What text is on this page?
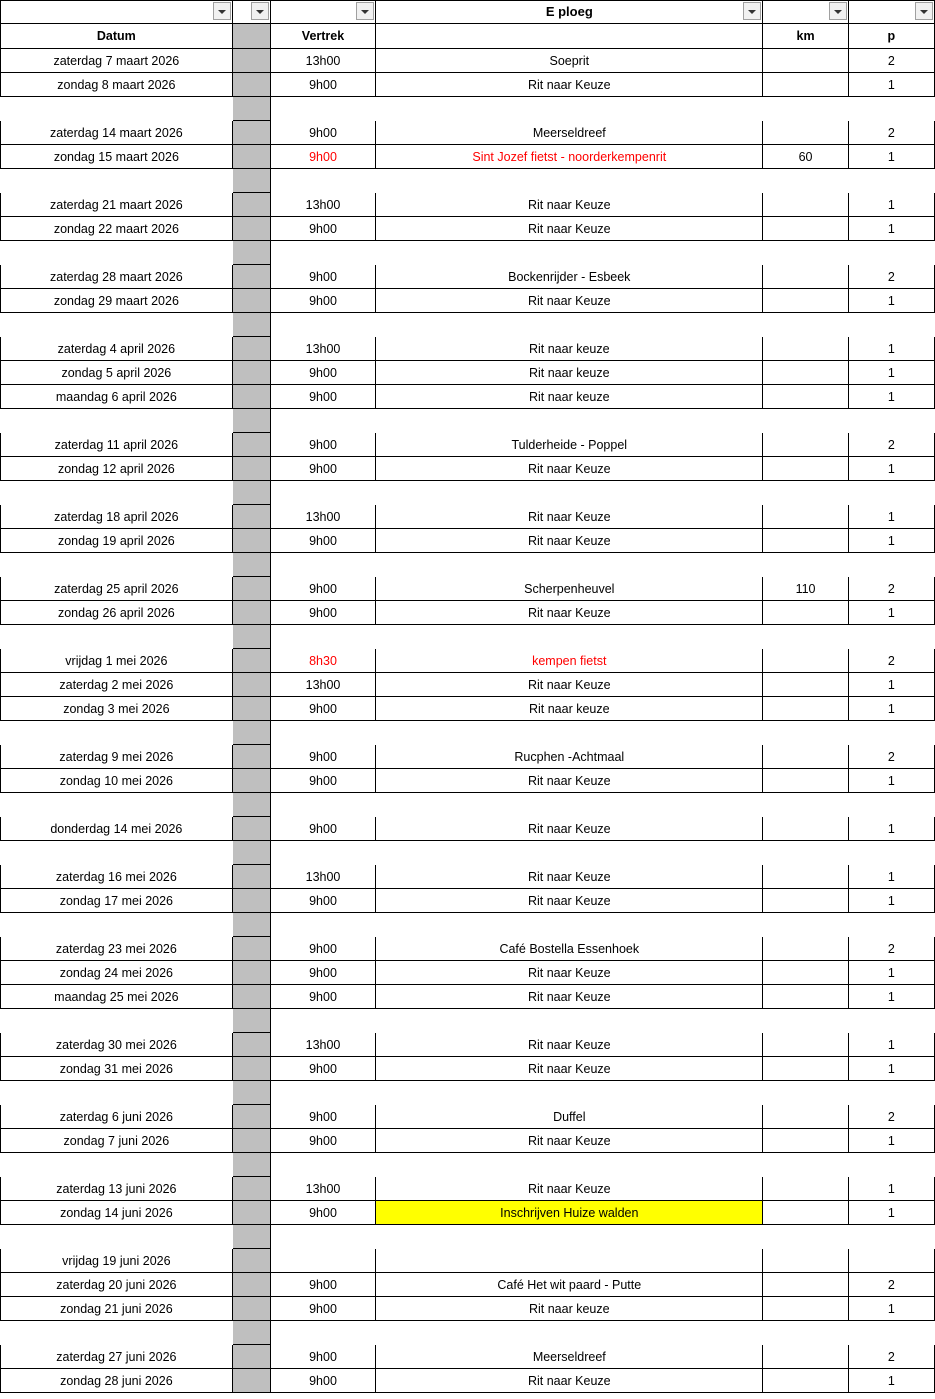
	E ploeg

Datum		Vertrek		km	p
zaterdag 7 maart 2026		13h00	Soeprit		2
zondag 8 maart 2026		9h00	Rit naar Keuze		1

zaterdag 14 maart 2026		9h00	Meerseldreef		2
zondag 15 maart 2026		9h00	Sint Jozef fietst - noorderkempenrit	60	1

zaterdag 21 maart 2026		13h00	Rit naar Keuze		1
zondag 22 maart 2026		9h00	Rit naar Keuze		1

zaterdag 28 maart 2026		9h00	Bockenrijder - Esbeek		2
zondag 29 maart 2026		9h00	Rit naar Keuze		1

zaterdag 4 april 2026		13h00	Rit naar keuze		1
zondag 5 april 2026		9h00	Rit naar keuze		1
maandag 6 april 2026		9h00	Rit naar keuze		1

zaterdag 11 april 2026		9h00	Tulderheide - Poppel		2
zondag 12 april 2026		9h00	Rit naar Keuze		1

zaterdag 18 april 2026		13h00	Rit naar Keuze		1
zondag 19 april 2026		9h00	Rit naar Keuze		1

zaterdag 25 april 2026		9h00	Scherpenheuvel	110	2
zondag 26 april 2026		9h00	Rit naar Keuze		1

vrijdag 1 mei 2026		8h30	kempen fietst		2
zaterdag 2 mei 2026		13h00	Rit naar Keuze		1
zondag 3 mei 2026		9h00	Rit naar keuze		1

zaterdag 9 mei 2026		9h00	Rucphen -Achtmaal		2
zondag 10 mei 2026		9h00	Rit naar Keuze		1

donderdag 14 mei 2026		9h00	Rit naar Keuze		1

zaterdag 16 mei 2026		13h00	Rit naar Keuze		1
zondag 17 mei 2026		9h00	Rit naar Keuze		1

zaterdag 23 mei 2026		9h00	Café Bostella Essenhoek		2
zondag 24 mei 2026		9h00	Rit naar Keuze		1
maandag 25 mei 2026		9h00	Rit naar Keuze		1

zaterdag 30 mei 2026		13h00	Rit naar Keuze		1
zondag 31 mei 2026		9h00	Rit naar Keuze		1

zaterdag 6 juni 2026		9h00	Duffel		2
zondag 7 juni 2026		9h00	Rit naar Keuze		1

zaterdag 13 juni 2026		13h00	Rit naar Keuze		1
zondag 14 juni 2026		9h00	Inschrijven Huize walden		1

vrijdag 19 juni 2026					
zaterdag 20 juni 2026		9h00	Café Het wit paard - Putte		2
zondag 21 juni 2026		9h00	Rit naar keuze		1

zaterdag 27 juni 2026		9h00	Meerseldreef		2
zondag 28 juni 2026		9h00	Rit naar Keuze		1
